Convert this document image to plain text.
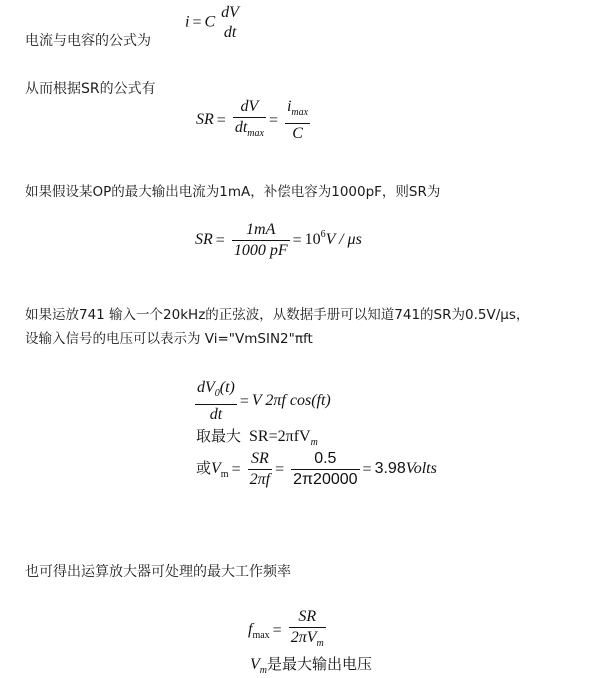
电流与电容的公式为
i = C
dV
dt
从而根据SR的公式有
SR = $\frac{dV}{dt_{max}} = \frac{i_{max}}{C}$
如果假设某OP的最大输出电流为1mA，补偿电容为1000pF，则SR为
SR = $\frac{1mA}{1000 pF} = 10^6V / \mu s$
如果运放741 输入一个20kHz的正弦波，从数据手册可以知道741的SR为0.5V/μs，
设输入信号的电压可以表示为 Vi="VmSIN2"πft
$\frac{dV_0(t)}{dt} = V$ 2πf cos(ft)
取最大 SR=2πfV$_m$
或$V_m = \frac{SR}{2\pi f} = \frac{0.5}{2\pi 20000}$ = 3.98Volts
也可得出运算放大器可处理的最大工作频率
$f_{max} = \frac{SR}{2\pi V_m}$
$V_m$是最大输出电压
